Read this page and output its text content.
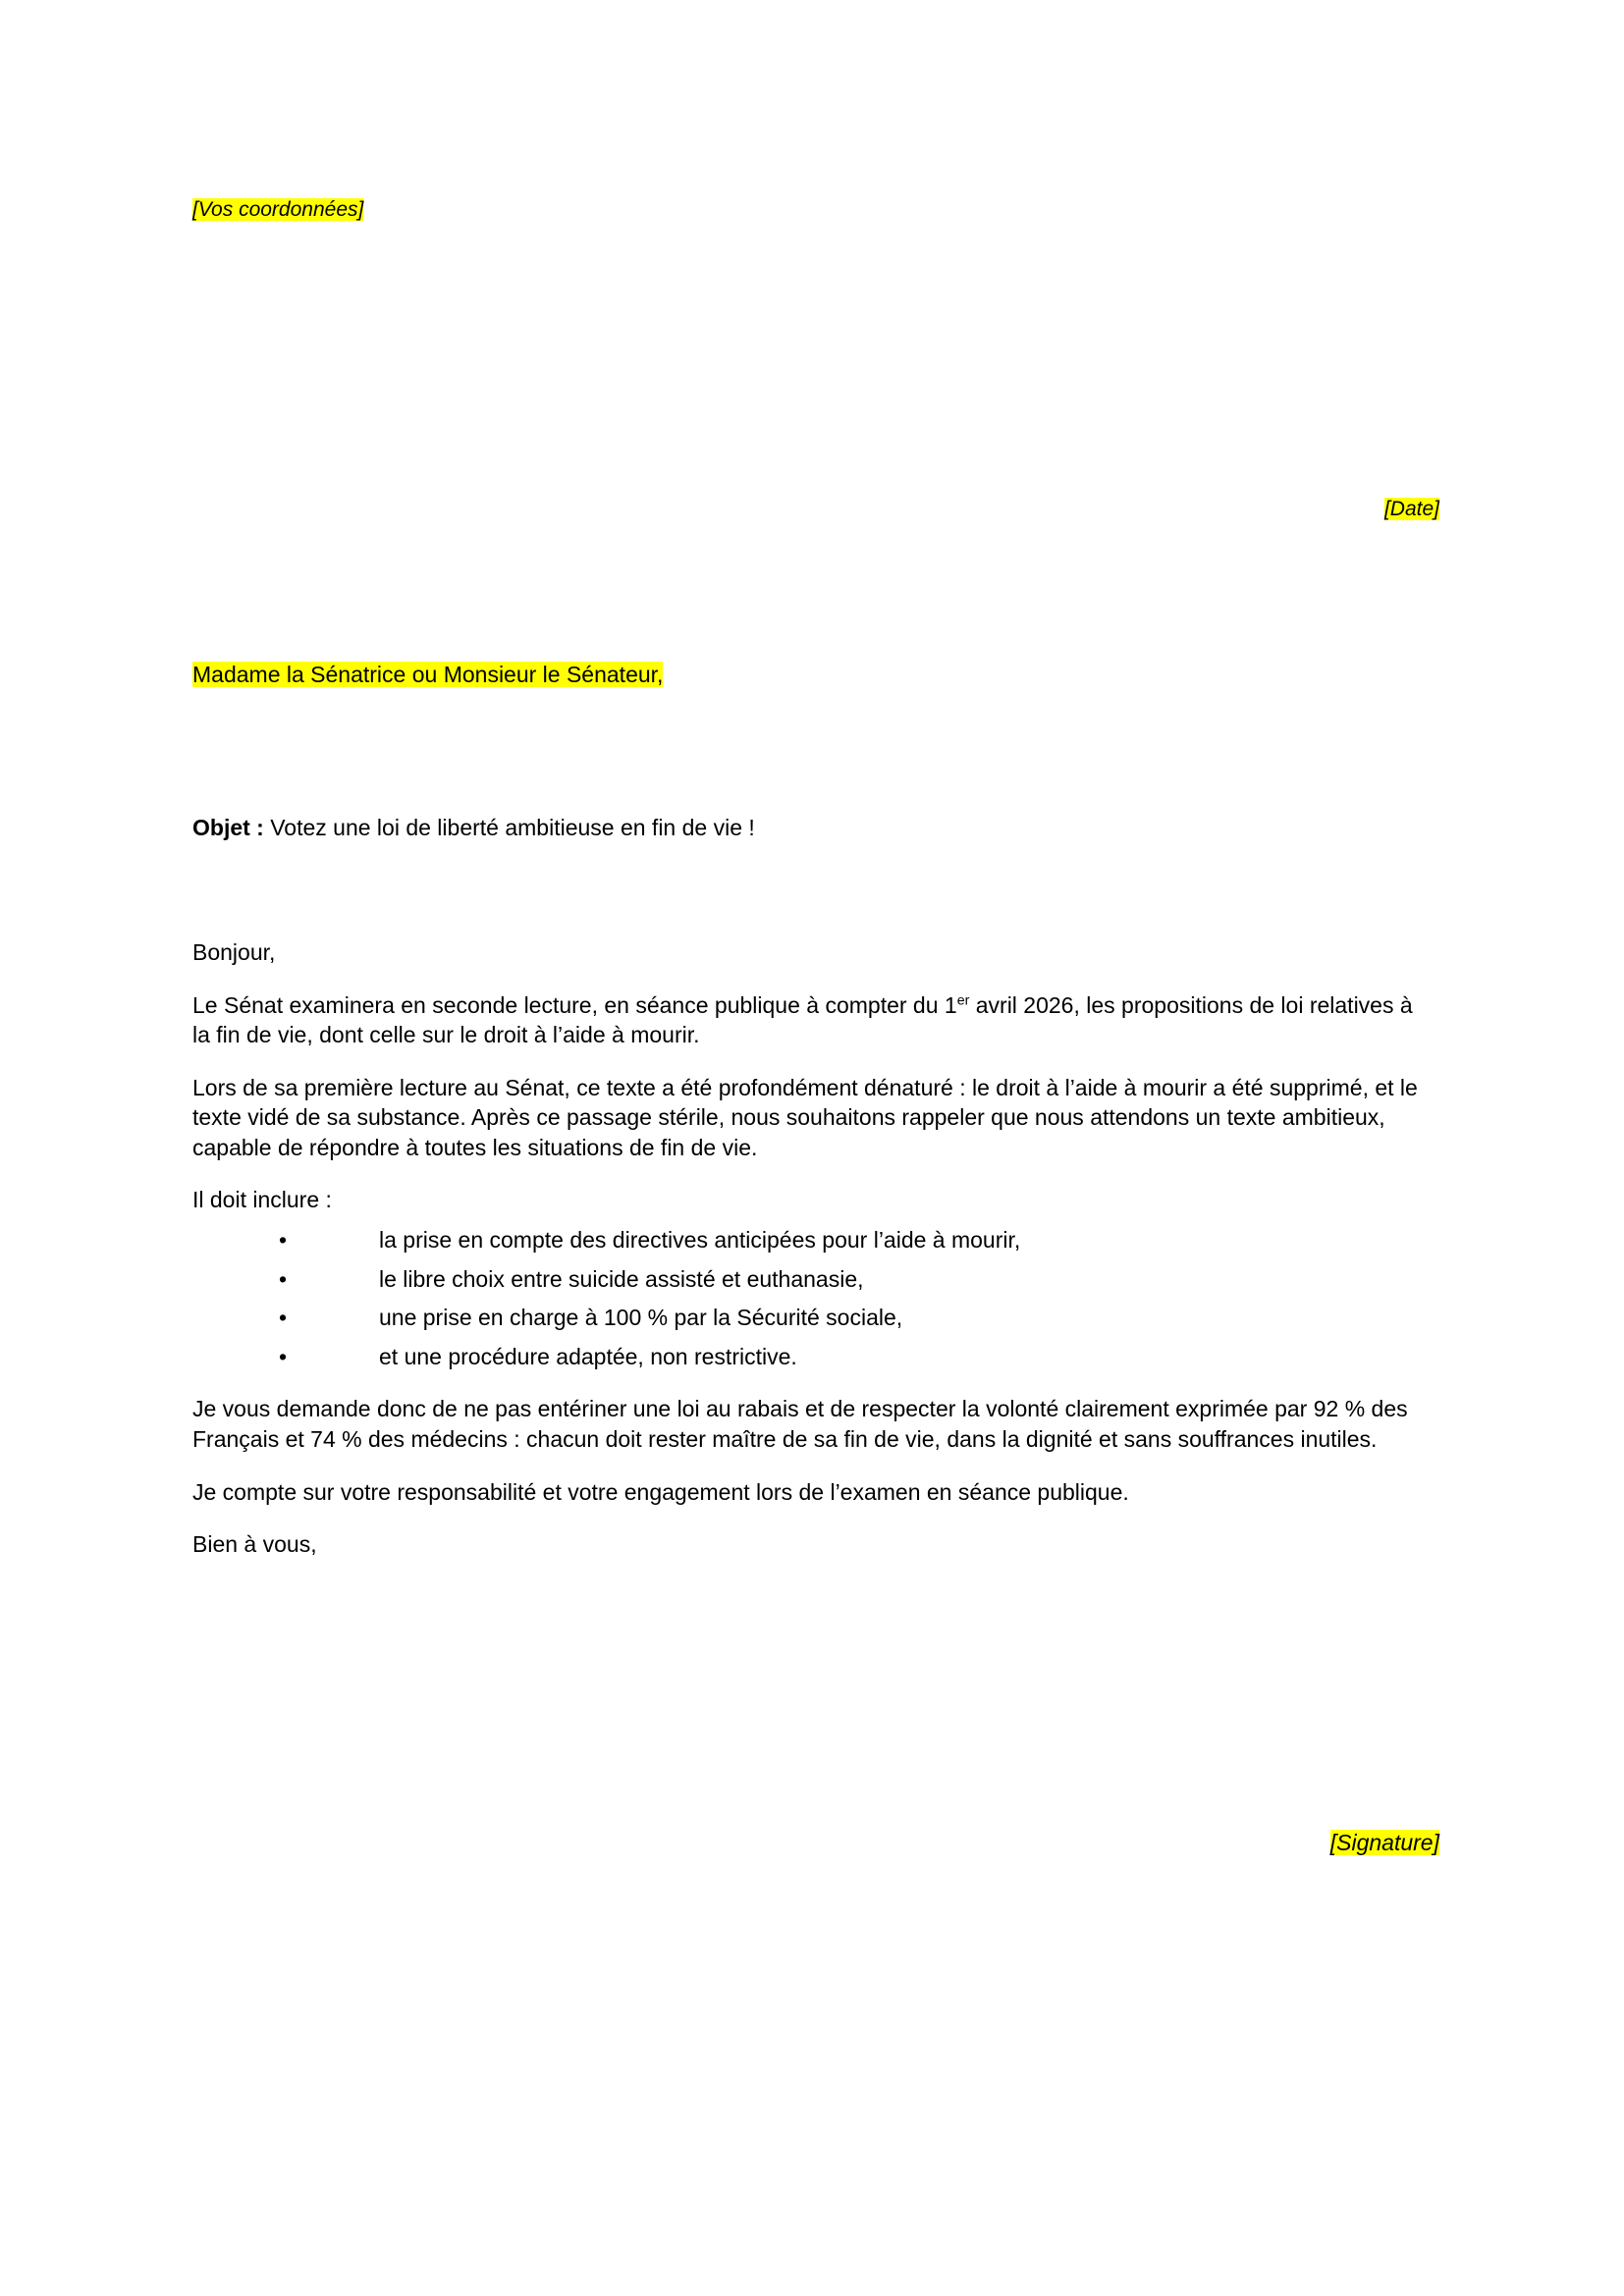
[Vos coordonnées]
[Date]
Madame la Sénatrice ou Monsieur le Sénateur,
Objet : Votez une loi de liberté ambitieuse en fin de vie !

Bonjour,

Le Sénat examinera en seconde lecture, en séance publique à compter du 1er avril 2026, les propositions de loi relatives à la fin de vie, dont celle sur le droit à l’aide à mourir.

Lors de sa première lecture au Sénat, ce texte a été profondément dénaturé : le droit à l’aide à mourir a été supprimé, et le texte vidé de sa substance. Après ce passage stérile, nous souhaitons rappeler que nous attendons un texte ambitieux, capable de répondre à toutes les situations de fin de vie.

Il doit inclure :

•	la prise en compte des directives anticipées pour l’aide à mourir,
•	le libre choix entre suicide assisté et euthanasie,
•	une prise en charge à 100 % par la Sécurité sociale,
•	et une procédure adaptée, non restrictive.

Je vous demande donc de ne pas entériner une loi au rabais et de respecter la volonté clairement exprimée par 92 % des Français et 74 % des médecins : chacun doit rester maître de sa fin de vie, dans la dignité et sans souffrances inutiles.

Je compte sur votre responsabilité et votre engagement lors de l’examen en séance publique.

Bien à vous,

[Signature]
